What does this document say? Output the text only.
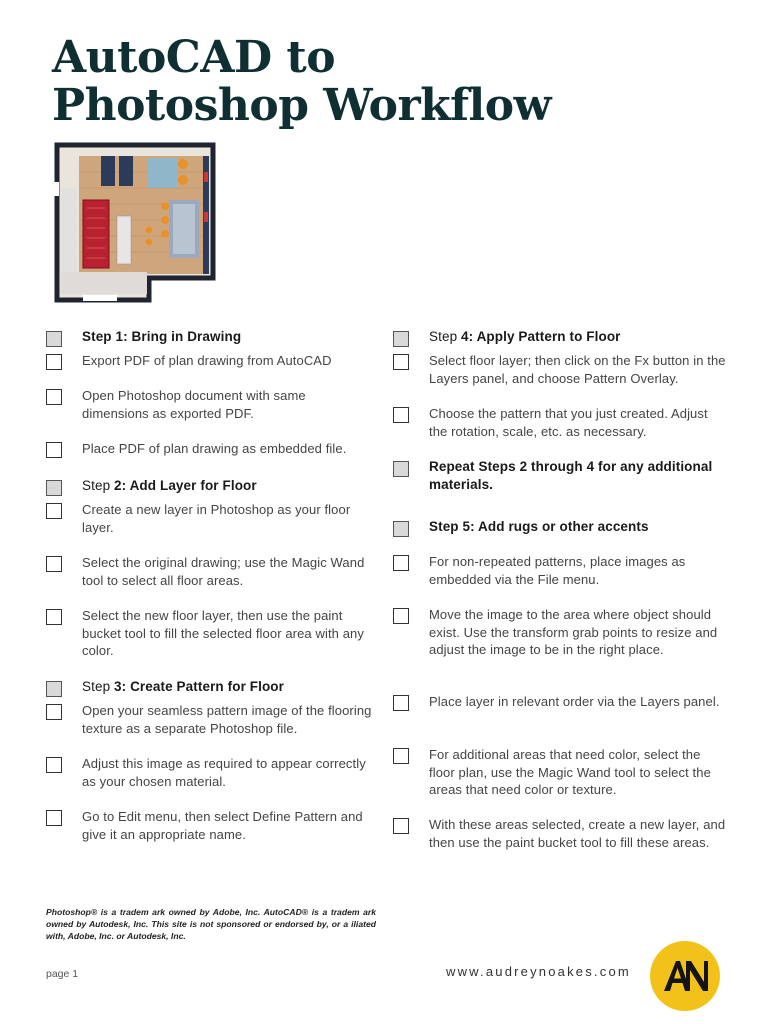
AutoCAD to
Photoshop Workflow
Step 1: Bring in Drawing
Export PDF of plan drawing from AutoCAD
Open Photoshop document with same dimensions as exported PDF.
Place PDF of plan drawing as embedded file.
Step 2: Add Layer for Floor
Create a new layer in Photoshop as your floor layer.
Select the original drawing; use the Magic Wand tool to select all floor areas.
Select the new floor layer, then use the paint bucket tool to fill the selected floor area with any color.
Step 3: Create Pattern for Floor
Open your seamless pattern image of the flooring texture as a separate Photoshop file.
Adjust this image as required to appear correctly as your chosen material.
Go to Edit menu, then select Define Pattern and give it an appropriate name.
Step 4: Apply Pattern to Floor
Select floor layer; then click on the Fx button in the Layers panel, and choose Pattern Overlay.
Choose the pattern that you just created. Adjust the rotation, scale, etc. as necessary.
Repeat Steps 2 through 4 for any additional materials.
Step 5: Add rugs or other accents
For non-repeated patterns, place images as embedded via the File menu.
Move the image to the area where object should exist. Use the transform grab points to resize and adjust the image to be in the right place.
Place layer in relevant order via the Layers panel.
For additional areas that need color, select the floor plan, use the Magic Wand tool to select the areas that need color or texture.
With these areas selected, create a new layer, and then use the paint bucket tool to fill these areas.

Photoshop® is a tradem ark owned by Adobe, Inc. AutoCAD® is a tradem ark owned by Autodesk, Inc. This site is not sponsored or endorsed by, or a iliated with, Adobe, Inc. or Autodesk, Inc.

page 1	www.audreynoakes.com
